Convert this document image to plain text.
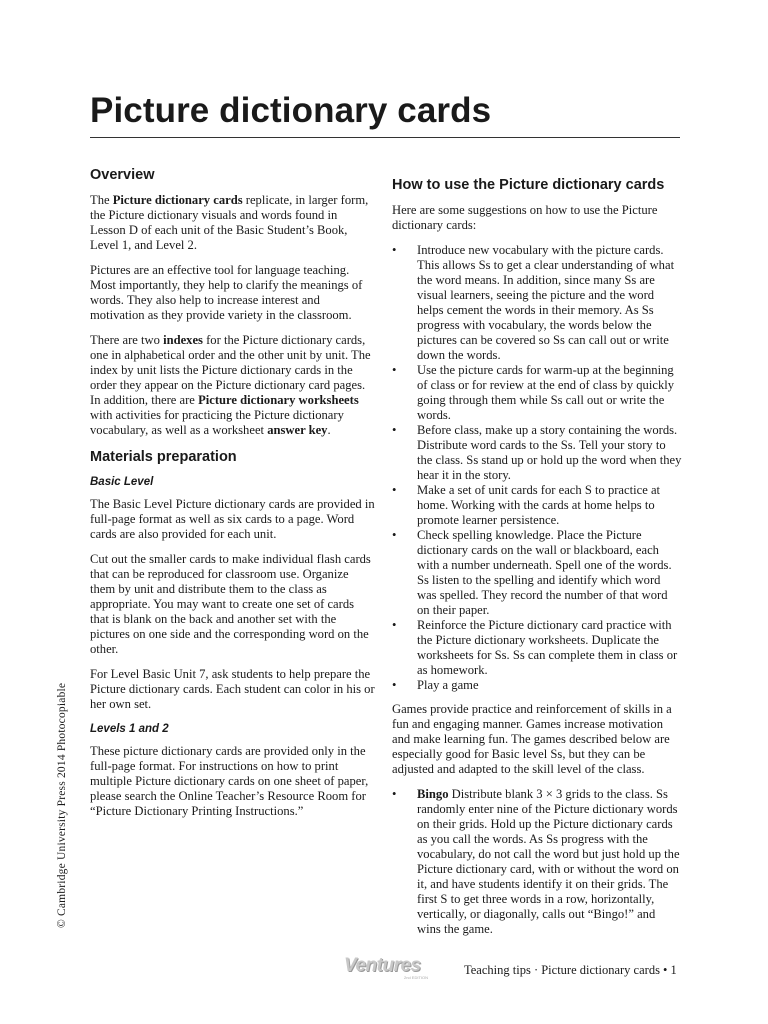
Picture dictionary cards
Overview

The Picture dictionary cards replicate, in larger form, the Picture dictionary visuals and words found in Lesson D of each unit of the Basic Student’s Book, Level 1, and Level 2.

Pictures are an effective tool for language teaching. Most importantly, they help to clarify the meanings of words. They also help to increase interest and motivation as they provide variety in the classroom.

There are two indexes for the Picture dictionary cards, one in alphabetical order and the other unit by unit. The index by unit lists the Picture dictionary cards in the order they appear on the Picture dictionary card pages. In addition, there are Picture dictionary worksheets with activities for practicing the Picture dictionary vocabulary, as well as a worksheet answer key.

Materials preparation
Basic Level

The Basic Level Picture dictionary cards are provided in full-page format as well as six cards to a page. Word cards are also provided for each unit.

Cut out the smaller cards to make individual flash cards that can be reproduced for classroom use. Organize them by unit and distribute them to the class as appropriate. You may want to create one set of cards that is blank on the back and another set with the pictures on one side and the corresponding word on the other.

For Level Basic Unit 7, ask students to help prepare the Picture dictionary cards. Each student can color in his or her own set.

Levels 1 and 2

These picture dictionary cards are provided only in the full-page format. For instructions on how to print multiple Picture dictionary cards on one sheet of paper, please search the Online Teacher’s Resource Room for “Picture Dictionary Printing Instructions.”

How to use the Picture dictionary cards

Here are some suggestions on how to use the Picture dictionary cards:

• Introduce new vocabulary with the picture cards. This allows Ss to get a clear understanding of what the word means. In addition, since many Ss are visual learners, seeing the picture and the word helps cement the words in their memory. As Ss progress with vocabulary, the words below the pictures can be covered so Ss can call out or write down the words.
• Use the picture cards for warm-up at the beginning of class or for review at the end of class by quickly going through them while Ss call out or write the words.
• Before class, make up a story containing the words. Distribute word cards to the Ss. Tell your story to the class. Ss stand up or hold up the word when they hear it in the story.
• Make a set of unit cards for each S to practice at home. Working with the cards at home helps to promote learner persistence.
• Check spelling knowledge. Place the Picture dictionary cards on the wall or blackboard, each with a number underneath. Spell one of the words. Ss listen to the spelling and identify which word was spelled. They record the number of that word on their paper.
• Reinforce the Picture dictionary card practice with the Picture dictionary worksheets. Duplicate the worksheets for Ss. Ss can complete them in class or as homework.
• Play a game

Games provide practice and reinforcement of skills in a fun and engaging manner. Games increase motivation and make learning fun. The games described below are especially good for Basic level Ss, but they can be adjusted and adapted to the skill level of the class.

• Bingo Distribute blank 3 × 3 grids to the class. Ss randomly enter nine of the Picture dictionary words on their grids. Hold up the Picture dictionary cards as you call the words. As Ss progress with the vocabulary, do not call the word but just hold up the Picture dictionary card, with or without the word on it, and have students identify it on their grids. The first S to get three words in a row, horizontally, vertically, or diagonally, calls out “Bingo!” and wins the game.
© Cambridge University Press 2014 Photocopiable
Ventures
2nd EDITION
Teaching tips · Picture dictionary cards • 1
